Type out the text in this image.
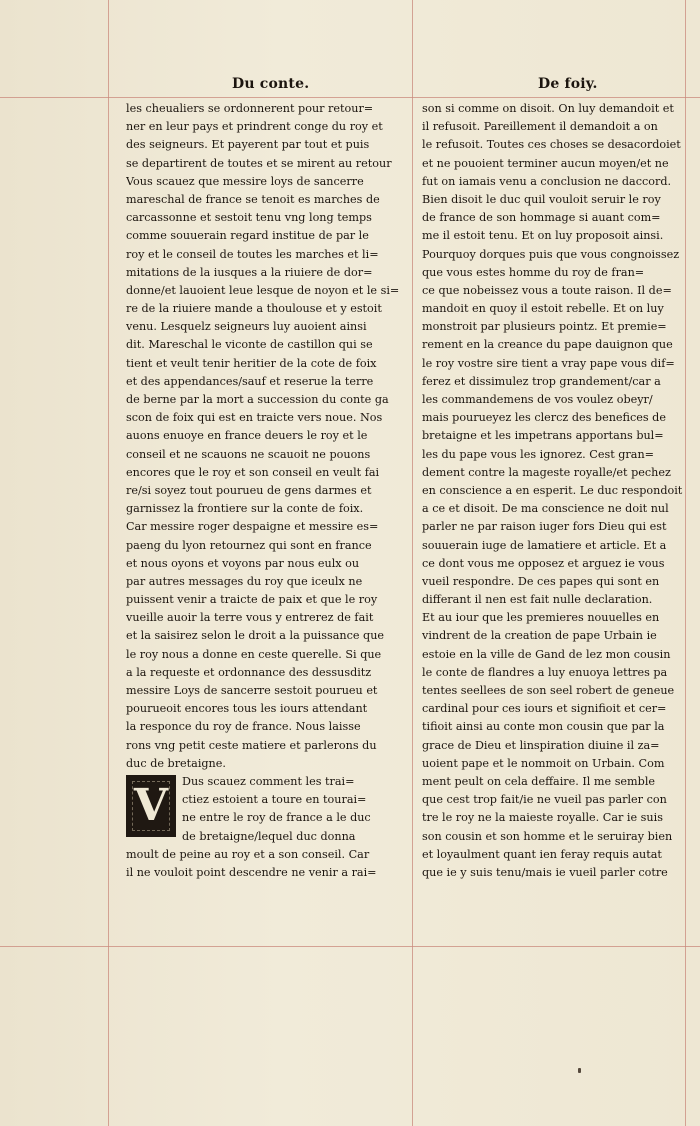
Du conte.	De foiy.
les cheualiers se ordonnerent pour retour=
ner en leur pays et prindrent conge du roy et
des seigneurs. Et payerent par tout et puis
se departirent de toutes et se mirent au retour
Vous scauez que messire loys de sancerre
mareschal de france se tenoit es marches de
carcassonne et sestoit tenu vng long temps
comme souuerain regard institue de par le
roy et le conseil de toutes les marches et li=
mitations de la iusques a la riuiere de dor=
donne/et lauoient leue lesque de noyon et le si=
re de la riuiere mande a thoulouse et y estoit
venu. Lesquelz seigneurs luy auoient ainsi
dit. Mareschal le viconte de castillon qui se
tient et veult tenir heritier de la cote de foix
et des appendances/sauf et reserue la terre
de berne par la mort a succession du conte ga
scon de foix qui est en traicte vers noue. Nos
auons enuoye en france deuers le roy et le
conseil et ne scauons ne scauoit ne pouons
encores que le roy et son conseil en veult fai
re/si soyez tout pourueu de gens darmes et
garnissez la frontiere sur la conte de foix.
Car messire roger despaigne et messire es=
paeng du lyon retournez qui sont en france
et nous oyons et voyons par nous eulx ou
par autres messages du roy que iceulx ne
puissent venir a traicte de paix et que le roy
vueille auoir la terre vous y entrerez de fait
et la saisirez selon le droit a la puissance que
le roy nous a donne en ceste querelle. Si que
a la requeste et ordonnance des dessusditz
messire Loys de sancerre sestoit pourueu et
pourueoit encores tous les iours attendant
la responce du roy de france. Nous laisse
rons vng petit ceste matiere et parlerons du
duc de bretaigne.
V	Dus scauez comment les trai=
ctiez estoient a toure en tourai=
ne entre le roy de france a le duc
de bretaigne/lequel duc donna
moult de peine au roy et a son conseil. Car
il ne vouloit point descendre ne venir a rai=
son si comme on disoit. On luy demandoit et
il refusoit. Pareillement il demandoit a on
le refusoit. Toutes ces choses se desacordoiet
et ne pouoient terminer aucun moyen/et ne
fut on iamais venu a conclusion ne daccord.
Bien disoit le duc quil vouloit seruir le roy
de france de son hommage si auant com=
me il estoit tenu. Et on luy proposoit ainsi.
Pourquoy dorques puis que vous congnoissez
que vous estes homme du roy de fran=
ce que nobeissez vous a toute raison. Il de=
mandoit en quoy il estoit rebelle. Et on luy
monstroit par plusieurs pointz. Et premie=
rement en la creance du pape dauignon que
le roy vostre sire tient a vray pape vous dif=
ferez et dissimulez trop grandement/car a
les commandemens de vos voulez obeyr/
mais pourueyez les clercz des benefices de
bretaigne et les impetrans apportans bul=
les du pape vous les ignorez. Cest gran=
dement contre la mageste royalle/et pechez
en conscience a en esperit. Le duc respondoit
a ce et disoit. De ma conscience ne doit nul
parler ne par raison iuger fors Dieu qui est
souuerain iuge de lamatiere et article. Et a
ce dont vous me opposez et arguez ie vous
vueil respondre. De ces papes qui sont en
differant il nen est fait nulle declaration.
Et au iour que les premieres nouuelles en
vindrent de la creation de pape Urbain ie
estoie en la ville de Gand de lez mon cousin
le conte de flandres a luy enuoya lettres pa
tentes seellees de son seel robert de geneue
cardinal pour ces iours et signifioit et cer=
tifioit ainsi au conte mon cousin que par la
grace de Dieu et linspiration diuine il za=
uoient pape et le nommoit on Urbain. Com
ment peult on cela deffaire. Il me semble
que cest trop fait/ie ne vueil pas parler con
tre le roy ne la maieste royalle. Car ie suis
son cousin et son homme et le seruiray bien
et loyaulment quant ien feray requis autat
que ie y suis tenu/mais ie vueil parler cotre
